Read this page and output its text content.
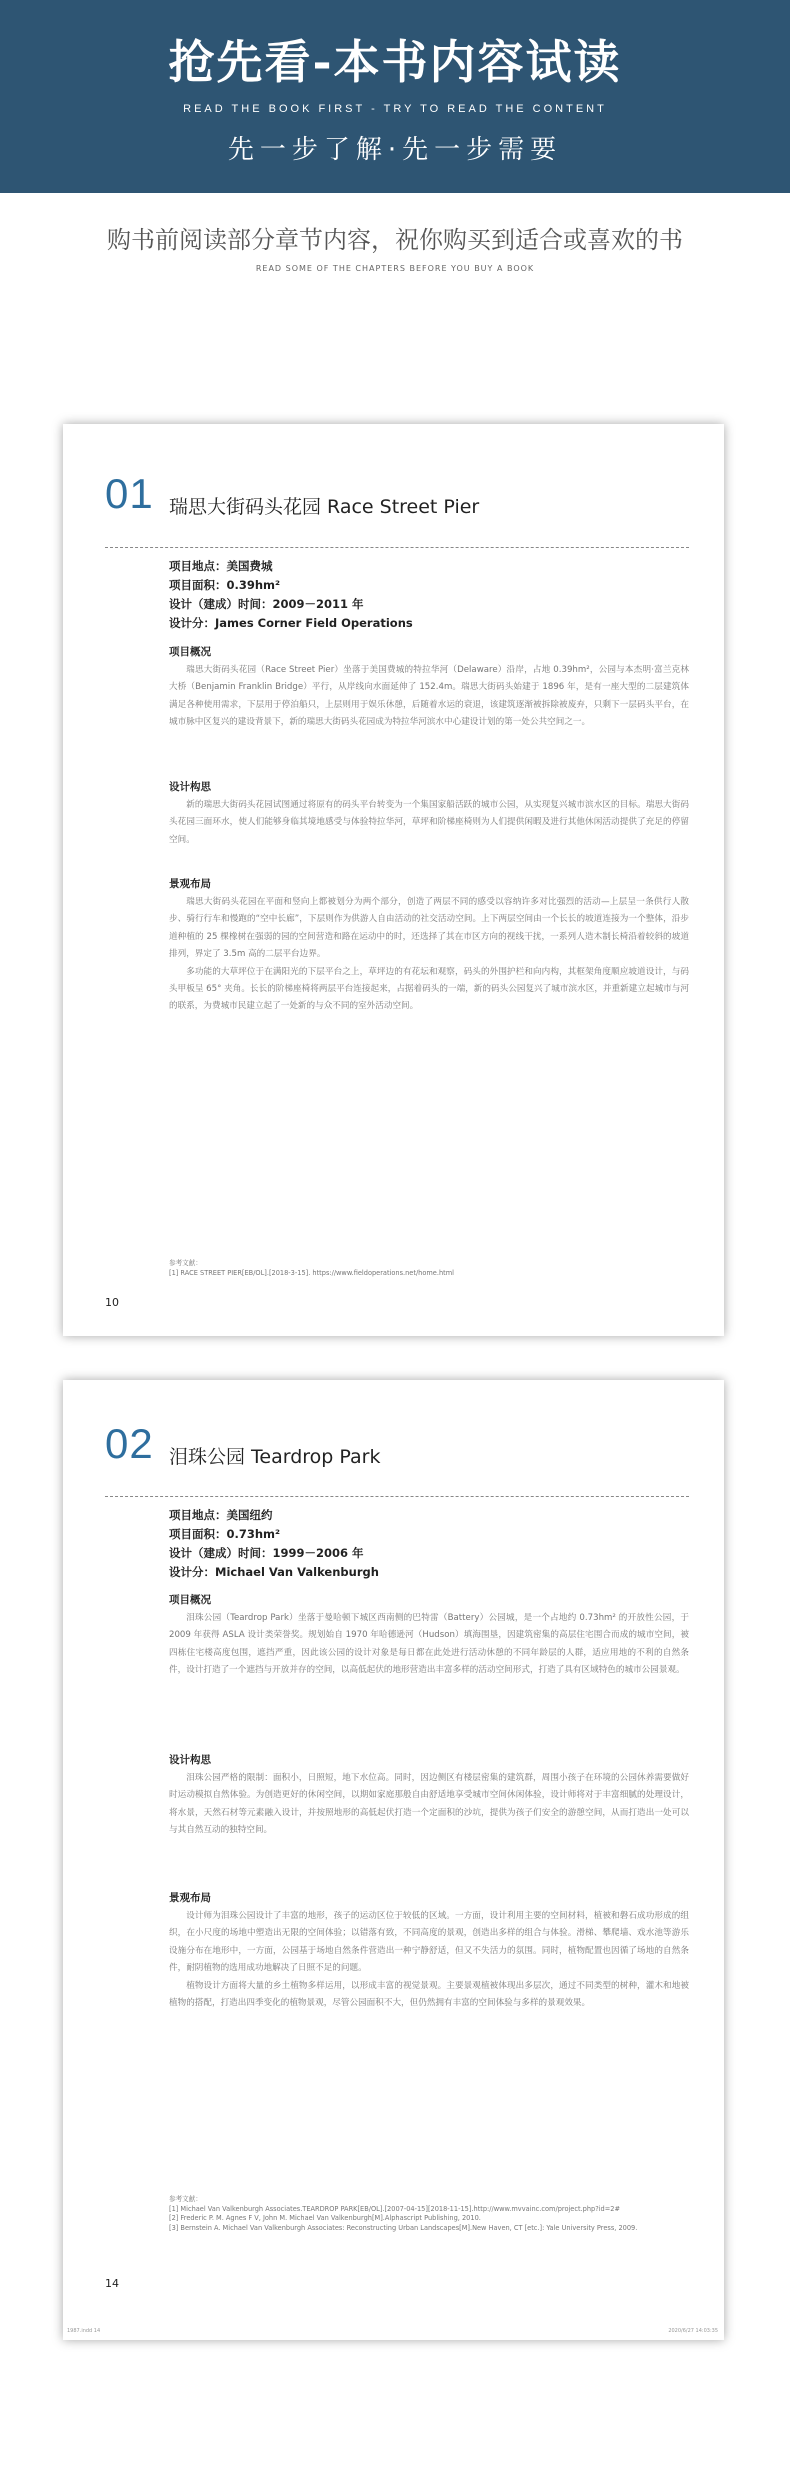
抢先看-本书内容试读
READ THE BOOK FIRST - TRY TO READ THE CONTENT
先一步了解·先一步需要
购书前阅读部分章节内容，祝你购买到适合或喜欢的书
READ SOME OF THE CHAPTERS BEFORE YOU BUY A BOOK
01 瑞思大街码头花园 Race Street Pier
项目地点：美国费城
项目面积：0.39hm²
设计（建成）时间：2009－2011 年
设计分：James Corner Field Operations
项目概况

瑞思大街码头花园（Race Street Pier）坐落于美国费城的特拉华河（Delaware）沿岸，占地 0.39hm²，公园与本杰明·富兰克林大桥（Benjamin Franklin Bridge）平行，从岸线向水面延伸了 152.4m。瑞思大街码头始建于 1896 年，是有一座大型的二层建筑体满足各种使用需求，下层用于停泊船只，上层则用于娱乐休憩，后随着水运的衰退，该建筑逐渐被拆除被废弃，只剩下一层码头平台，在城市脉中区复兴的建设背景下，新的瑞思大街码头花园成为特拉华河滨水中心建设计划的第一处公共空间之一。

设计构思

新的瑞思大街码头花园试图通过将原有的码头平台转变为一个集国家船活跃的城市公园，从实现复兴城市滨水区的目标。瑞思大街码头花园三面环水，使人们能够身临其境地感受与体验特拉华河，草坪和阶梯座椅则为人们提供闲暇及进行其他休闲活动提供了充足的停留空间。

景观布局

瑞思大街码头花园在平面和竖向上都被划分为两个部分，创造了两层不同的感受以容纳许多对比强烈的活动—上层呈一条供行人散步、骑行行车和慢跑的“空中长廊”，下层则作为供游人自由活动的社交活动空间。上下两层空间由一个长长的坡道连接为一个整体，沿步道种植的 25 棵橡树在强弱的园的空间营造和路在运动中的时，还选择了其在市区方向的视线干扰，一系列人造木制长椅沿着较斜的坡道排列，界定了 3.5m 高的二层平台边界。

多功能的大草坪位于在满阳光的下层平台之上，草坪边的有花坛和观察，码头的外围护栏和向内构，其框架角度顺应坡道设计，与码头甲板呈 65° 夹角。长长的阶梯座椅将两层平台连接起来，占据着码头的一端，新的码头公园复兴了城市滨水区，并重新建立起城市与河的联系，为费城市民建立起了一处新的与众不同的室外活动空间。

参考文献：
[1] RACE STREET PIER[EB/OL].[2018-3-15]. https://www.fieldoperations.net/home.html
10
02 泪珠公园 Teardrop Park
项目地点：美国纽约
项目面积：0.73hm²
设计（建成）时间：1999－2006 年
设计分：Michael Van Valkenburgh
项目概况

泪珠公园（Teardrop Park）坐落于曼哈顿下城区西南侧的巴特雷（Battery）公园城，是一个占地约 0.73hm² 的开放性公园，于 2009 年获得 ASLA 设计类荣誉奖。规划始自 1970 年哈德逊河（Hudson）填海围垦，因建筑密集的高层住宅围合而成的城市空间，被四栋住宅楼高度包围，遮挡严重，因此该公园的设计对象是每日都在此处进行活动休憩的不同年龄层的人群，适应用地的不利的自然条件，设计打造了一个遮挡与开放并存的空间，以高低起伏的地形营造出丰富多样的活动空间形式，打造了具有区域特色的城市公园景观。

设计构思

泪珠公园严格的限制：面积小，日照短，地下水位高。同时，因边侧区有楼层密集的建筑群，周围小孩子在环境的公园休养需要做好时运动模拟自然体验。为创造更好的休闲空间，以期如家庭那般自由舒适地享受城市空间休闲体验，设计师将对于丰富细腻的处理设计，将水景，天然石材等元素融入设计，并按照地形的高低起伏打造一个定面积的沙坑，提供为孩子们安全的游憩空间，从而打造出一处可以与其自然互动的独特空间。

景观布局

设计师为泪珠公园设计了丰富的地形，孩子的运动区位于较低的区域。一方面，设计利用主要的空间材料，植被和磐石成功形成的组织，在小尺度的场地中塑造出无限的空间体验；以错落有致，不同高度的景观，创造出多样的组合与体验。滑梯、攀爬墙、戏水池等游乐设施分布在地形中，一方面，公园基于场地自然条件营造出一种宁静舒适，但又不失活力的氛围。同时，植物配置也因循了场地的自然条件，耐阴植物的选用成功地解决了日照不足的问题。

植物设计方面将大量的乡土植物多样运用，以形成丰富的视觉景观。主要景观植被体现出多层次，通过不同类型的树种，灌木和地被植物的搭配，打造出四季变化的植物景观，尽管公园面积不大，但仍然拥有丰富的空间体验与多样的景观效果。

参考文献：
[1] Michael Van Valkenburgh Associates.TEARDROP PARK[EB/OL].[2007-04-15][2018-11-15].http://www.mvvainc.com/project.php?id=2#
[2] Frederic P. M. Agnes F V, John M. Michael Van Valkenburgh[M].Alphascript Publishing, 2010.
[3] Bernstein A. Michael Van Valkenburgh Associates: Reconstructing Urban Landscapes[M].New Haven, CT [etc.]: Yale University Press, 2009.
14
1987.indd 14	2020/6/27 14:03:35
